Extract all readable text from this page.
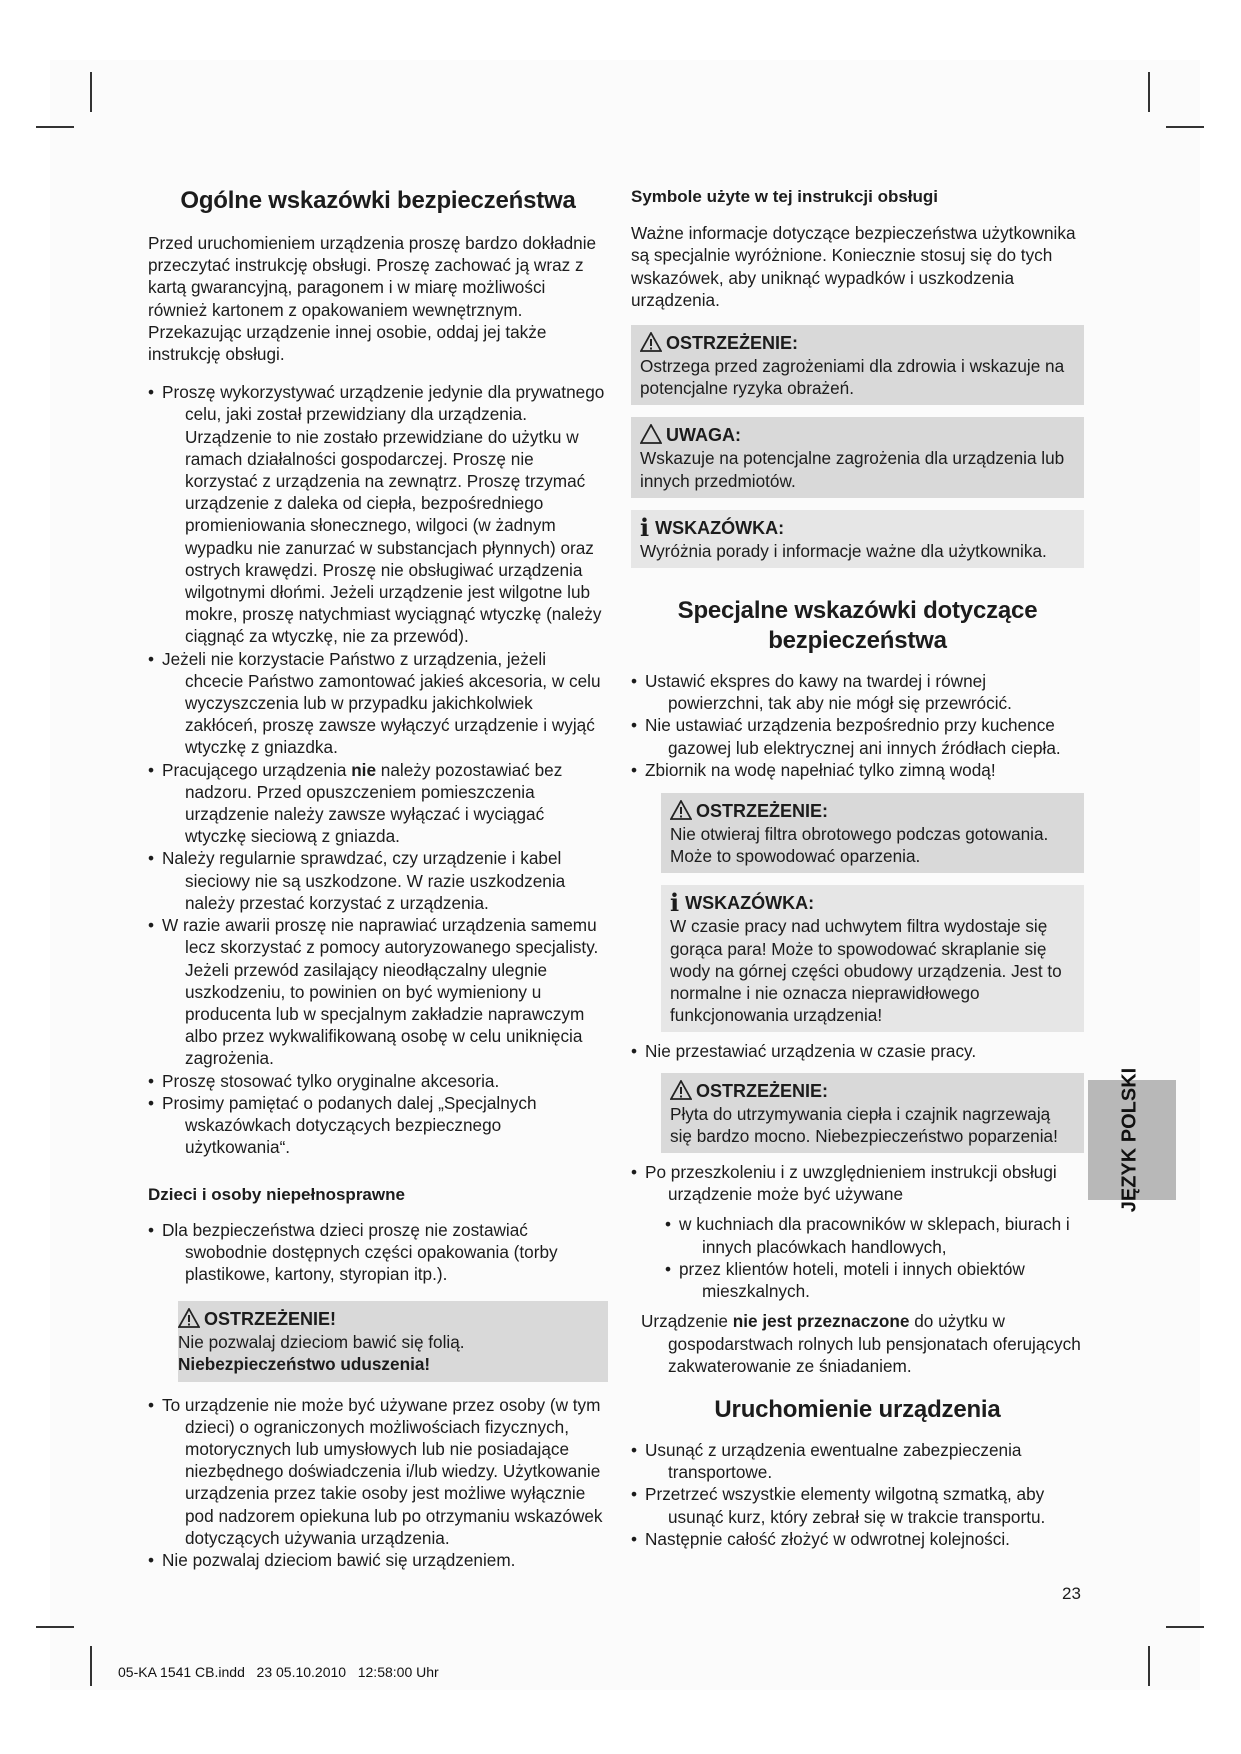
Ogólne wskazówki bezpieczeństwa

Przed uruchomieniem urządzenia proszę bardzo dokładnie przeczytać instrukcję obsługi. Proszę zachować ją wraz z kartą gwarancyjną, paragonem i w miarę możliwości również kartonem z opakowaniem wewnętrznym. Przekazując urządzenie innej osobie, oddaj jej także instrukcję obsługi.

• Proszę wykorzystywać urządzenie jedynie dla prywatnego celu, jaki został przewidziany dla urządzenia. Urządzenie to nie zostało przewidziane do użytku w ramach działalności gospodarczej. Proszę nie korzystać z urządzenia na zewnątrz. Proszę trzymać urządzenie z daleka od ciepła, bezpośredniego promieniowania słonecznego, wilgoci (w żadnym wypadku nie zanurzać w substancjach płynnych) oraz ostrych krawędzi. Proszę nie obsługiwać urządzenia wilgotnymi dłońmi. Jeżeli urządzenie jest wilgotne lub mokre, proszę natychmiast wyciągnąć wtyczkę (należy ciągnąć za wtyczkę, nie za przewód).
• Jeżeli nie korzystacie Państwo z urządzenia, jeżeli chcecie Państwo zamontować jakieś akcesoria, w celu wyczyszczenia lub w przypadku jakichkolwiek zakłóceń, proszę zawsze wyłączyć urządzenie i wyjąć wtyczkę z gniazdka.
• Pracującego urządzenia nie należy pozostawiać bez nadzoru. Przed opuszczeniem pomieszczenia urządzenie należy zawsze wyłączać i wyciągać wtyczkę sieciową z gniazda.
• Należy regularnie sprawdzać, czy urządzenie i kabel sieciowy nie są uszkodzone. W razie uszkodzenia należy przestać korzystać z urządzenia.
• W razie awarii proszę nie naprawiać urządzenia samemu lecz skorzystać z pomocy autoryzowanego specjalisty. Jeżeli przewód zasilający nieodłączalny ulegnie uszkodzeniu, to powinien on być wymieniony u producenta lub w specjalnym zakładzie naprawczym albo przez wykwalifikowaną osobę w celu uniknięcia zagrożenia.
• Proszę stosować tylko oryginalne akcesoria.
• Prosimy pamiętać o podanych dalej „Specjalnych wskazówkach dotyczących bezpiecznego użytkowania“.
Dzieci i osoby niepełnosprawne
• Dla bezpieczeństwa dzieci proszę nie zostawiać swobodnie dostępnych części opakowania (torby plastikowe, kartony, styropian itp.).
OSTRZEŻENIE!
Nie pozwalaj dzieciom bawić się folią.
Niebezpieczeństwo uduszenia!
• To urządzenie nie może być używane przez osoby (w tym dzieci) o ograniczonych możliwościach fizycznych, motorycznych lub umysłowych lub nie posiadające niezbędnego doświadczenia i/lub wiedzy. Użytkowanie urządzenia przez takie osoby jest możliwe wyłącznie pod nadzorem opiekuna lub po otrzymaniu wskazówek dotyczących używania urządzenia.
• Nie pozwalaj dzieciom bawić się urządzeniem.
Symbole użyte w tej instrukcji obsługi

Ważne informacje dotyczące bezpieczeństwa użytkownika są specjalnie wyróżnione. Koniecznie stosuj się do tych wskazówek, aby uniknąć wypadków i uszkodzenia urządzenia.

OSTRZEŻENIE:
Ostrzega przed zagrożeniami dla zdrowia i wskazuje na potencjalne ryzyka obrażeń.
UWAGA:
Wskazuje na potencjalne zagrożenia dla urządzenia lub innych przedmiotów.
i WSKAZÓWKA:
Wyróżnia porady i informacje ważne dla użytkownika.
Specjalne wskazówki dotyczące bezpieczeństwa
• Ustawić ekspres do kawy na twardej i równej powierzchni, tak aby nie mógł się przewrócić.
• Nie ustawiać urządzenia bezpośrednio przy kuchence gazowej lub elektrycznej ani innych źródłach ciepła.
• Zbiornik na wodę napełniać tylko zimną wodą!
OSTRZEŻENIE:
Nie otwieraj filtra obrotowego podczas gotowania. Może to spowodować oparzenia.
i WSKAZÓWKA:
W czasie pracy nad uchwytem filtra wydostaje się gorąca para! Może to spowodować skraplanie się wody na górnej części obudowy urządzenia. Jest to normalne i nie oznacza nieprawidłowego funkcjonowania urządzenia!
• Nie przestawiać urządzenia w czasie pracy.
OSTRZEŻENIE:
Płyta do utrzymywania ciepła i czajnik nagrzewają się bardzo mocno. Niebezpieczeństwo poparzenia!
• Po przeszkoleniu i z uwzględnieniem instrukcji obsługi urządzenie może być używane
• w kuchniach dla pracowników w sklepach, biurach i innych placówkach handlowych,
• przez klientów hoteli, moteli i innych obiektów mieszkalnych.

Urządzenie nie jest przeznaczone do użytku w gospodarstwach rolnych lub pensjonatach oferujących zakwaterowanie ze śniadaniem.

Uruchomienie urządzenia
• Usunąć z urządzenia ewentualne zabezpieczenia transportowe.
• Przetrzeć wszystkie elementy wilgotną szmatką, aby usunąć kurz, który zebrał się w trakcie transportu.
• Następnie całość złożyć w odwrotnej kolejności.
JĘZYK POLSKI
23
05-KA 1541 CB.indd   23 05.10.2010   12:58:00 Uhr
